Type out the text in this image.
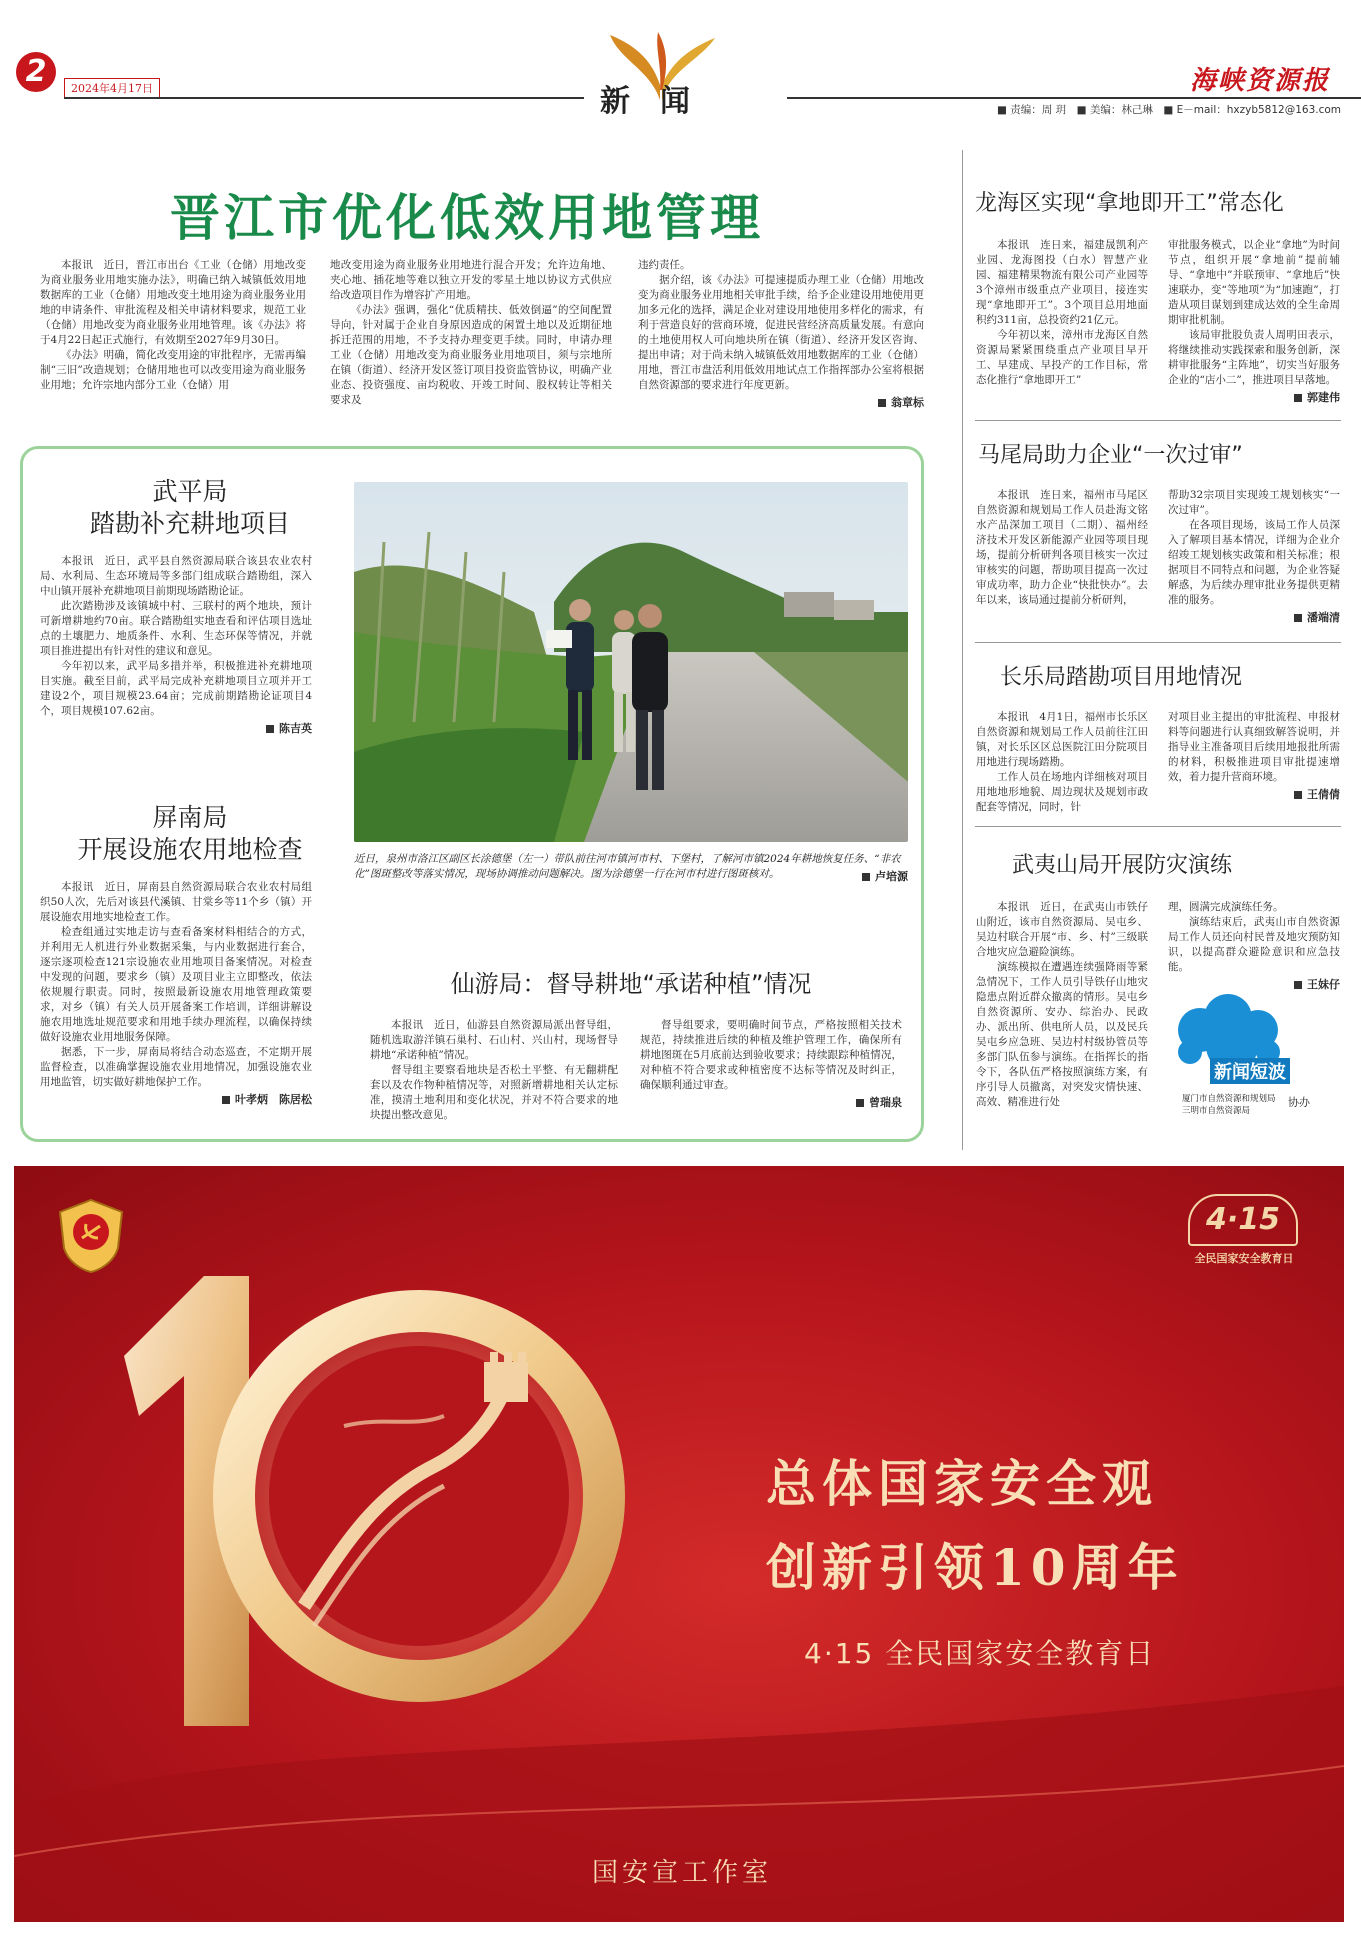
2	2024年4月17日	新闻
海峡资源报
■ 责编：周 玥　■ 美编：林己琳　■ E－mail：hxzyb5812@163.com
晋江市优化低效用地管理

本报讯　近日，晋江市出台《工业（仓储）用地改变为商业服务业用地实施办法》，明确已纳入城镇低效用地数据库的工业（仓储）用地改变土地用途为商业服务业用地的申请条件、审批流程及相关申请材料要求，规范工业（仓储）用地改变为商业服务业用地管理。该《办法》将于4月22日起正式施行，有效期至2027年9月30日。

《办法》明确，简化改变用途的审批程序，无需再编制“三旧”改造规划；仓储用地也可以改变用途为商业服务业用地；允许宗地内部分工业（仓储）用

地改变用途为商业服务业用地进行混合开发；允许边角地、夹心地、插花地等难以独立开发的零星土地以协议方式供应给改造项目作为增容扩产用地。

《办法》强调，强化“优质精扶、低效倒逼”的空间配置导向，针对属于企业自身原因造成的闲置土地以及近期征地拆迁范围的用地，不予支持办理变更手续。同时，申请办理工业（仓储）用地改变为商业服务业用地项目，须与宗地所在镇（街道）、经济开发区签订项目投资监管协议，明确产业业态、投资强度、亩均税收、开竣工时间、股权转让等相关要求及

违约责任。

据介绍，该《办法》可提速提质办理工业（仓储）用地改变为商业服务业用地相关审批手续，给予企业建设用地使用更加多元化的选择，满足企业对建设用地使用多样化的需求，有利于营造良好的营商环境，促进民营经济高质量发展。有意向的土地使用权人可向地块所在镇（街道）、经济开发区咨询、提出申请；对于尚未纳入城镇低效用地数据库的工业（仓储）用地，晋江市盘活利用低效用地试点工作指挥部办公室将根据自然资源部的要求进行年度更新。

翁章标
武平局
踏勘补充耕地项目

本报讯　近日，武平县自然资源局联合该县农业农村局、水利局、生态环境局等多部门组成联合踏勘组，深入中山镇开展补充耕地项目前期现场踏勘论证。

此次踏勘涉及该镇城中村、三联村的两个地块，预计可新增耕地约70亩。联合踏勘组实地查看和评估项目选址点的土壤肥力、地质条件、水利、生态环保等情况，并就项目推进提出有针对性的建议和意见。

今年初以来，武平局多措并举，积极推进补充耕地项目实施。截至目前，武平局完成补充耕地项目立项并开工建设2个，项目规模23.64亩；完成前期踏勘论证项目4个，项目规模107.62亩。

陈吉英
屏南局
开展设施农用地检查

本报讯　近日，屏南县自然资源局联合农业农村局组织50人次，先后对该县代溪镇、甘棠乡等11个乡（镇）开展设施农用地实地检查工作。

检查组通过实地走访与查看备案材料相结合的方式，并利用无人机进行外业数据采集，与内业数据进行套合，逐宗逐项检查121宗设施农业用地项目备案情况。对检查中发现的问题，要求乡（镇）及项目业主立即整改，依法依规履行职责。同时，按照最新设施农用地管理政策要求，对乡（镇）有关人员开展备案工作培训，详细讲解设施农用地选址规范要求和用地手续办理流程，以确保持续做好设施农业用地服务保障。

据悉，下一步，屏南局将结合动态巡查，不定期开展监督检查，以准确掌握设施农业用地情况，加强设施农业用地监管，切实做好耕地保护工作。

叶孝炳　陈居松
近日，泉州市洛江区副区长涂德堡（左一）带队前往河市镇河市村、下堡村，了解河市镇2024年耕地恢复任务、“非农化”图斑整改等落实情况，现场协调推动问题解决。图为涂德堡一行在河市村进行图斑核对。	卢培源
仙游局：督导耕地“承诺种植”情况

本报讯　近日，仙游县自然资源局派出督导组，随机选取游洋镇石巢村、石山村、兴山村，现场督导耕地“承诺种植”情况。

督导组主要察看地块是否松土平整、有无翻耕配套以及农作物种植情况等，对照新增耕地相关认定标准，摸清土地利用和变化状况，并对不符合要求的地块提出整改意见。

督导组要求，要明确时间节点，严格按照相关技术规范，持续推进后续的种植及维护管理工作，确保所有耕地图斑在5月底前达到验收要求；持续跟踪种植情况，对种植不符合要求或种植密度不达标等情况及时纠正，确保顺利通过审查。

曾瑞泉
龙海区实现“拿地即开工”常态化

本报讯　连日来，福建晟凯利产业园、龙海图投（白水）智慧产业园、福建精果物流有限公司产业园等3个漳州市级重点产业项目，接连实现“拿地即开工”。3个项目总用地面积约311亩，总投资约21亿元。

今年初以来，漳州市龙海区自然资源局紧紧围绕重点产业项目早开工、早建成、早投产的工作目标，常态化推行“拿地即开工”

审批服务模式，以企业“拿地”为时间节点，组织开展“拿地前”提前辅导、“拿地中”并联预审、“拿地后”快速联办，变“等地项”为“加速跑”，打造从项目谋划到建成达效的全生命周期审批机制。

该局审批股负责人周明田表示，将继续推动实践探索和服务创新，深耕审批服务“主阵地”，切实当好服务企业的“店小二”，推进项目早落地。

郭建伟
马尾局助力企业“一次过审”

本报讯　连日来，福州市马尾区自然资源和规划局工作人员赴海文铭水产品深加工项目（二期）、福州经济技术开发区新能源产业园等项目现场，提前分析研判各项目核实一次过审核实的问题，帮助项目提高一次过审成功率，助力企业“快批快办”。去年以来，该局通过提前分析研判，

帮助32宗项目实现竣工规划核实“一次过审”。

在各项目现场，该局工作人员深入了解项目基本情况，详细为企业介绍竣工规划核实政策和相关标准；根据项目不同特点和问题，为企业答疑解惑，为后续办理审批业务提供更精准的服务。

潘端清
长乐局踏勘项目用地情况

本报讯　4月1日，福州市长乐区自然资源和规划局工作人员前往江田镇，对长乐区区总医院江田分院项目用地进行现场踏勘。

工作人员在场地内详细核对项目用地地形地貌、周边现状及规划市政配套等情况，同时，针

对项目业主提出的审批流程、申报材料等问题进行认真细致解答说明，并指导业主准备项目后续用地报批所需的材料，积极推进项目审批提速增效，着力提升营商环境。

王倩倩
武夷山局开展防灾演练

本报讯　近日，在武夷山市铁仔山附近，该市自然资源局、吴屯乡、吴边村联合开展“市、乡、村”三级联合地灾应急避险演练。

演练模拟在遭遇连续强降雨等紧急情况下，工作人员引导铁仔山地灾隐患点附近群众撤离的情形。吴屯乡自然资源所、安办、综治办、民政办、派出所、供电所人员，以及民兵吴屯乡应急班、吴边村村级协管员等多部门队伍参与演练。在指挥长的指令下，各队伍严格按照演练方案，有序引导人员撤离，对突发灾情快速、高效、精准进行处

理，圆满完成演练任务。

演练结束后，武夷山市自然资源局工作人员还向村民普及地灾预防知识，以提高群众避险意识和应急技能。

王妹仔
新闻短波
厦门市自然资源和规划局
三明市自然资源局
协办
4·15
全民国家安全教育日
总体国家安全观
创新引领10周年
4·15 全民国家安全教育日
国安宣工作室
